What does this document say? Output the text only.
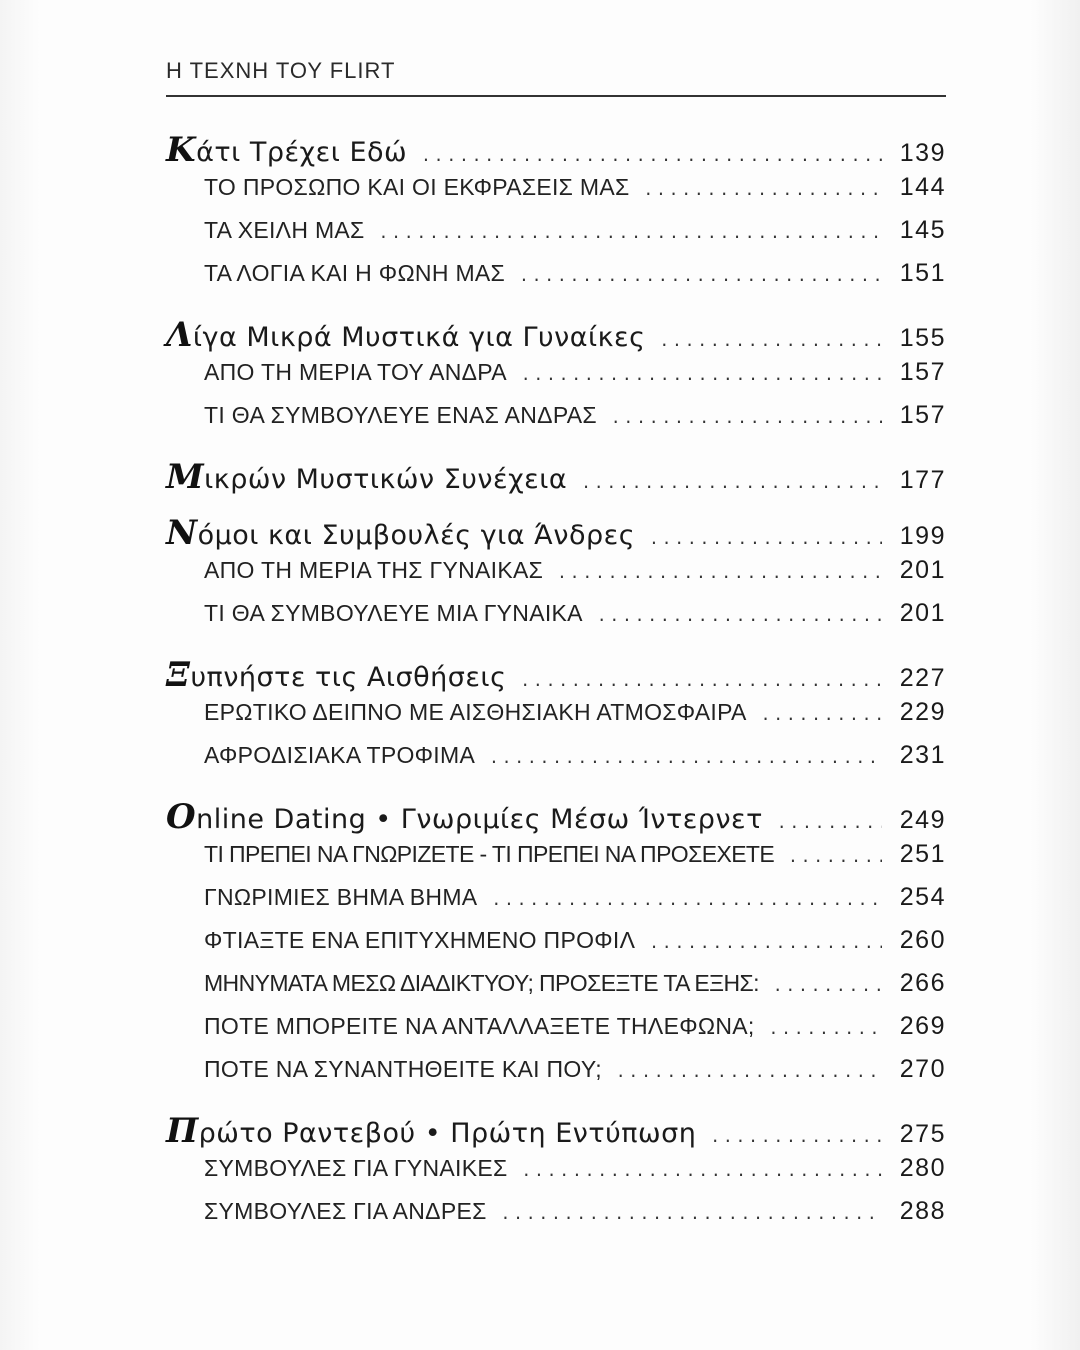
Η ΤΕΧΝΗ ΤΟΥ FLIRT
Κ άτι Τρέχει Εδώ .....	139
ΤΟ ΠΡΟΣΩΠΟ ΚΑΙ ΟΙ ΕΚΦΡΑΣΕΙΣ ΜΑΣ .....	144
ΤΑ ΧΕΙΛΗ ΜΑΣ .....	145
ΤΑ ΛΟΓΙΑ ΚΑΙ Η ΦΩΝΗ ΜΑΣ .....	151
Λ ίγα Μικρά Μυστικά για Γυναίκες .....	155
ΑΠΟ ΤΗ ΜΕΡΙΑ ΤΟΥ ΑΝΔΡΑ .....	157
ΤΙ ΘΑ ΣΥΜΒΟΥΛΕΥΕ ΕΝΑΣ ΑΝΔΡΑΣ .....	157
Μ ικρών Μυστικών Συνέχεια .....	177
Ν όμοι και Συμβουλές για Άνδρες .....	199
ΑΠΟ ΤΗ ΜΕΡΙΑ ΤΗΣ ΓΥΝΑΙΚΑΣ .....	201
ΤΙ ΘΑ ΣΥΜΒΟΥΛΕΥΕ ΜΙΑ ΓΥΝΑΙΚΑ .....	201
Ξ υπνήστε τις Αισθήσεις .....	227
ΕΡΩΤΙΚΟ ΔΕΙΠΝΟ ΜΕ ΑΙΣΘΗΣΙΑΚΗ ΑΤΜΟΣΦΑΙΡΑ .....	229
ΑΦΡΟΔΙΣΙΑΚΑ ΤΡΟΦΙΜΑ .....	231
O nline Dating • Γνωριμίες Μέσω Ίντερνετ .....	249
ΤΙ ΠΡΕΠΕΙ ΝΑ ΓΝΩΡΙΖΕΤΕ - ΤΙ ΠΡΕΠΕΙ ΝΑ ΠΡΟΣΕΧΕΤΕ .....	251
ΓΝΩΡΙΜΙΕΣ ΒΗΜΑ ΒΗΜΑ .....	254
ΦΤΙΑΞΤΕ ΕΝΑ ΕΠΙΤΥΧΗΜΕΝΟ ΠΡΟΦΙΛ .....	260
ΜΗΝΥΜΑΤΑ ΜΕΣΩ ΔΙΑΔΙΚΤΥΟΥ; ΠΡΟΣΕΞΤΕ ΤΑ ΕΞΗΣ: .....	266
ΠΟΤΕ ΜΠΟΡΕΙΤΕ ΝΑ ΑΝΤΑΛΛΑΞΕΤΕ ΤΗΛΕΦΩΝΑ; .....	269
ΠΟΤΕ ΝΑ ΣΥΝΑΝΤΗΘΕΙΤΕ ΚΑΙ ΠΟΥ; .....	270
Π ρώτο Ραντεβού • Πρώτη Εντύπωση .....	275
ΣΥΜΒΟΥΛΕΣ ΓΙΑ ΓΥΝΑΙΚΕΣ .....	280
ΣΥΜΒΟΥΛΕΣ ΓΙΑ ΑΝΔΡΕΣ .....	288
